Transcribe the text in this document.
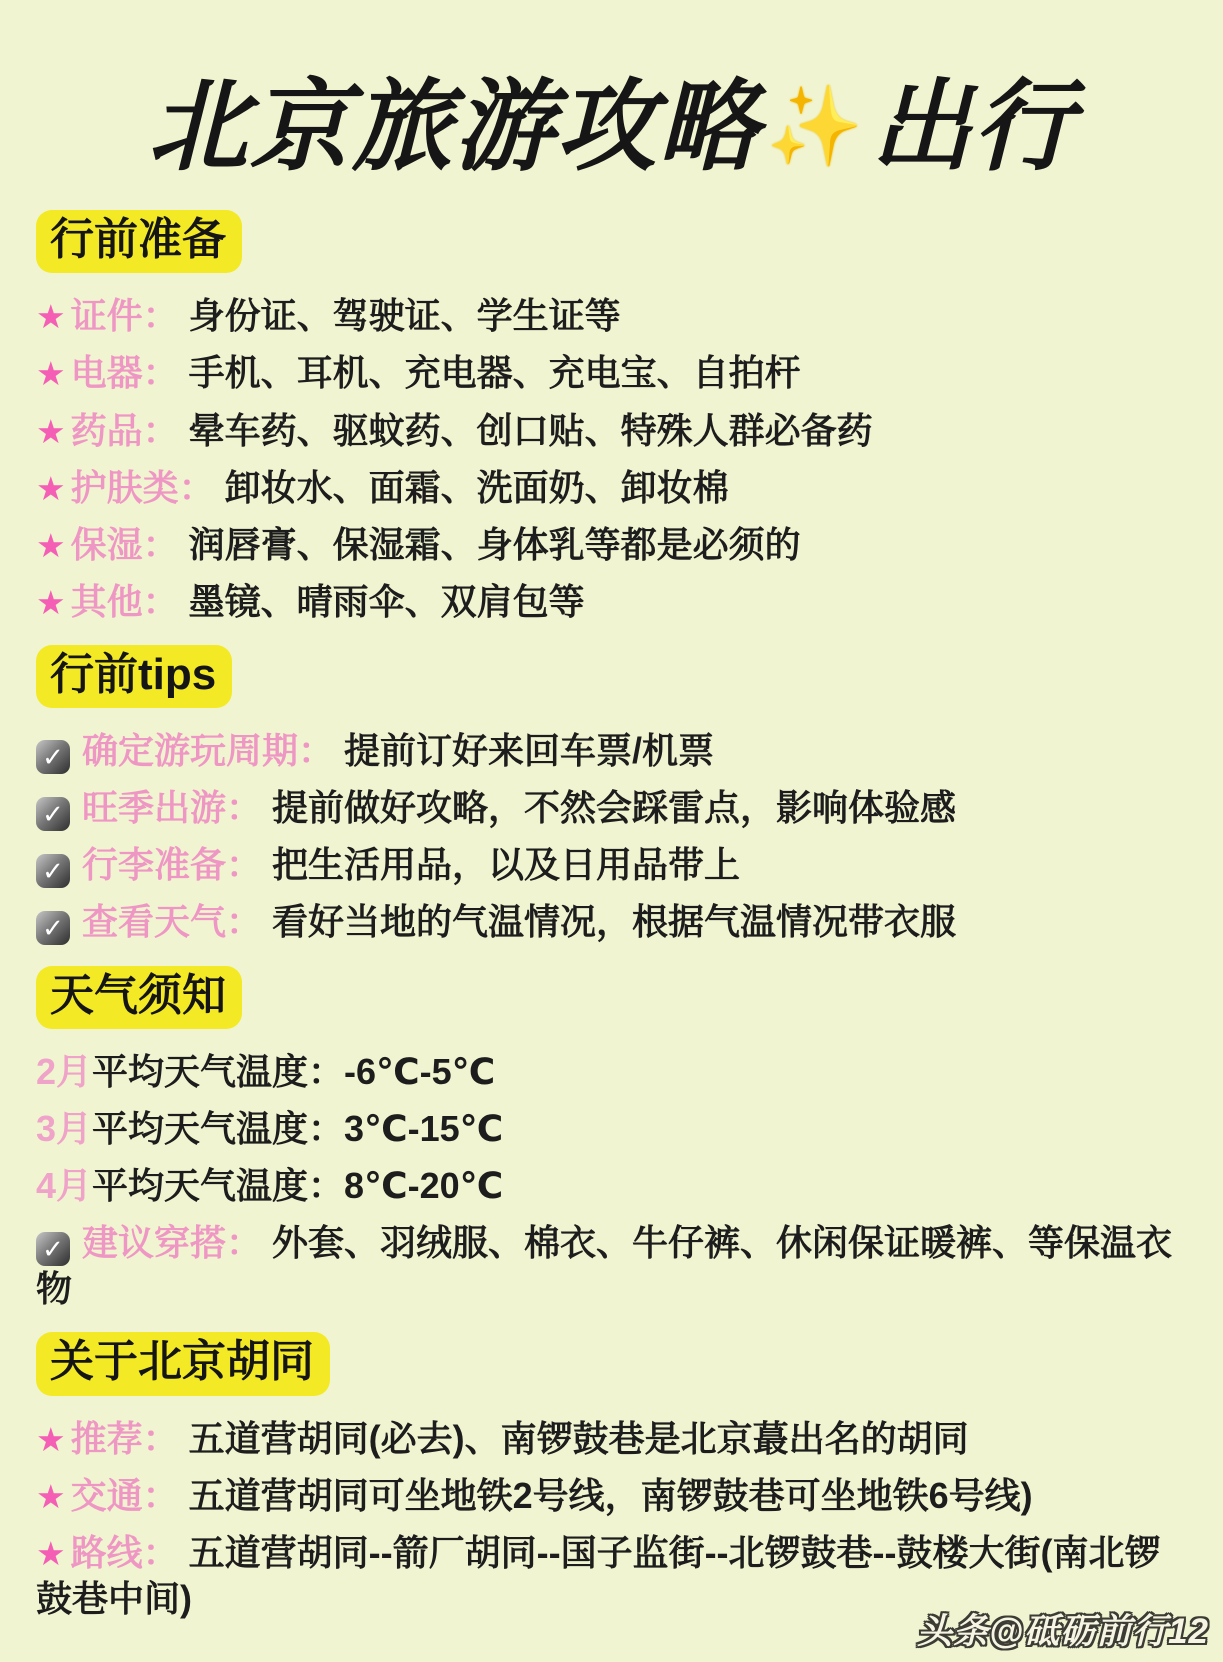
北京旅游攻略✨出行
行前准备

★ 证件： 身份证、驾驶证、学生证等

★ 电器： 手机、耳机、充电器、充电宝、自拍杆

★ 药品： 晕车药、驱蚊药、创口贴、特殊人群必备药

★ 护肤类： 卸妆水、面霜、洗面奶、卸妆棉

★ 保湿： 润唇膏、保湿霜、身体乳等都是必须的

★ 其他： 墨镜、晴雨伞、双肩包等

行前tips

✓ 确定游玩周期： 提前订好来回车票/机票

✓ 旺季出游： 提前做好攻略，不然会踩雷点，影响体验感

✓ 行李准备： 把生活用品，以及日用品带上

✓ 查看天气： 看好当地的气温情况，根据气温情况带衣服

天气须知

2月平均天气温度：-6℃-5℃

3月平均天气温度：3℃-15℃

4月平均天气温度：8℃-20℃

✓ 建议穿搭： 外套、羽绒服、棉衣、牛仔裤、休闲保证暖裤、等保温衣物

关于北京胡同

★ 推荐： 五道营胡同(必去)、南锣鼓巷是北京蕞出名的胡同

★ 交通： 五道营胡同可坐地铁2号线，南锣鼓巷可坐地铁6号线)

★ 路线： 五道营胡同--箭厂胡同--国子监街--北锣鼓巷--鼓楼大街(南北锣鼓巷中间)

头条@砥砺前行12
